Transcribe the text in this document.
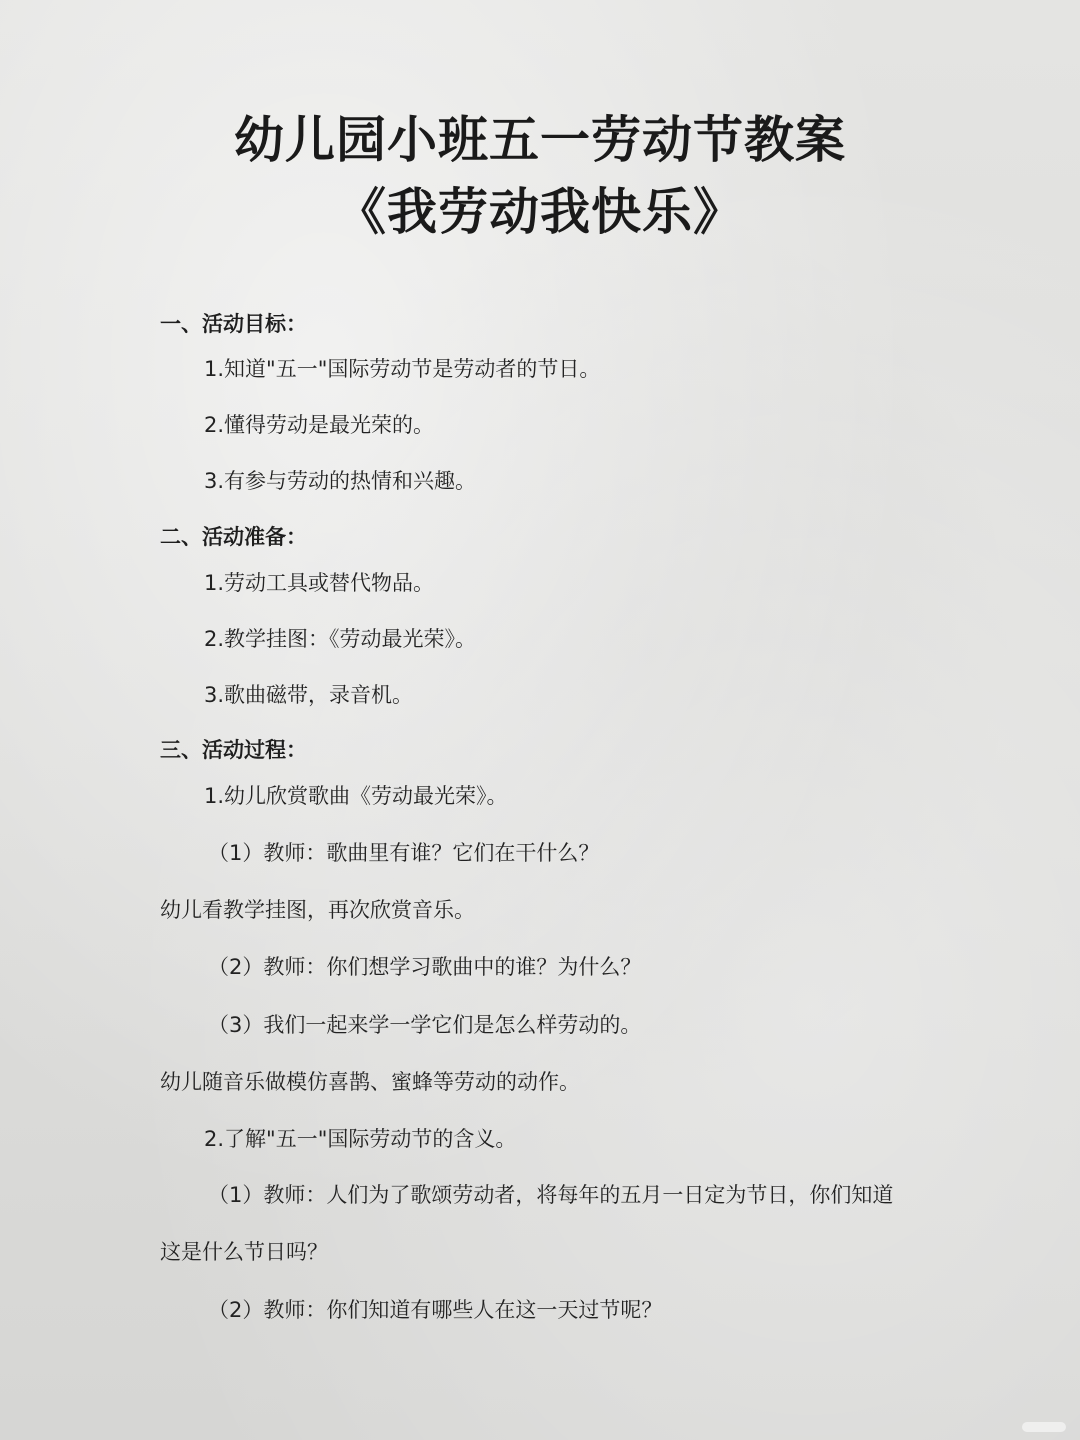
幼儿园小班五一劳动节教案
《我劳动我快乐》

一、活动目标：

1.知道"五一"国际劳动节是劳动者的节日。

2.懂得劳动是最光荣的。

3.有参与劳动的热情和兴趣。

二、活动准备：

1.劳动工具或替代物品。

2.教学挂图：《劳动最光荣》。

3.歌曲磁带，录音机。

三、活动过程：

1.幼儿欣赏歌曲《劳动最光荣》。

（1）教师：歌曲里有谁？它们在干什么？

幼儿看教学挂图，再次欣赏音乐。

（2）教师：你们想学习歌曲中的谁？为什么？

（3）我们一起来学一学它们是怎么样劳动的。

幼儿随音乐做模仿喜鹊、蜜蜂等劳动的动作。

2.了解"五一"国际劳动节的含义。

（1）教师：人们为了歌颂劳动者，将每年的五月一日定为节日，你们知道

这是什么节日吗？

（2）教师：你们知道有哪些人在这一天过节呢？
